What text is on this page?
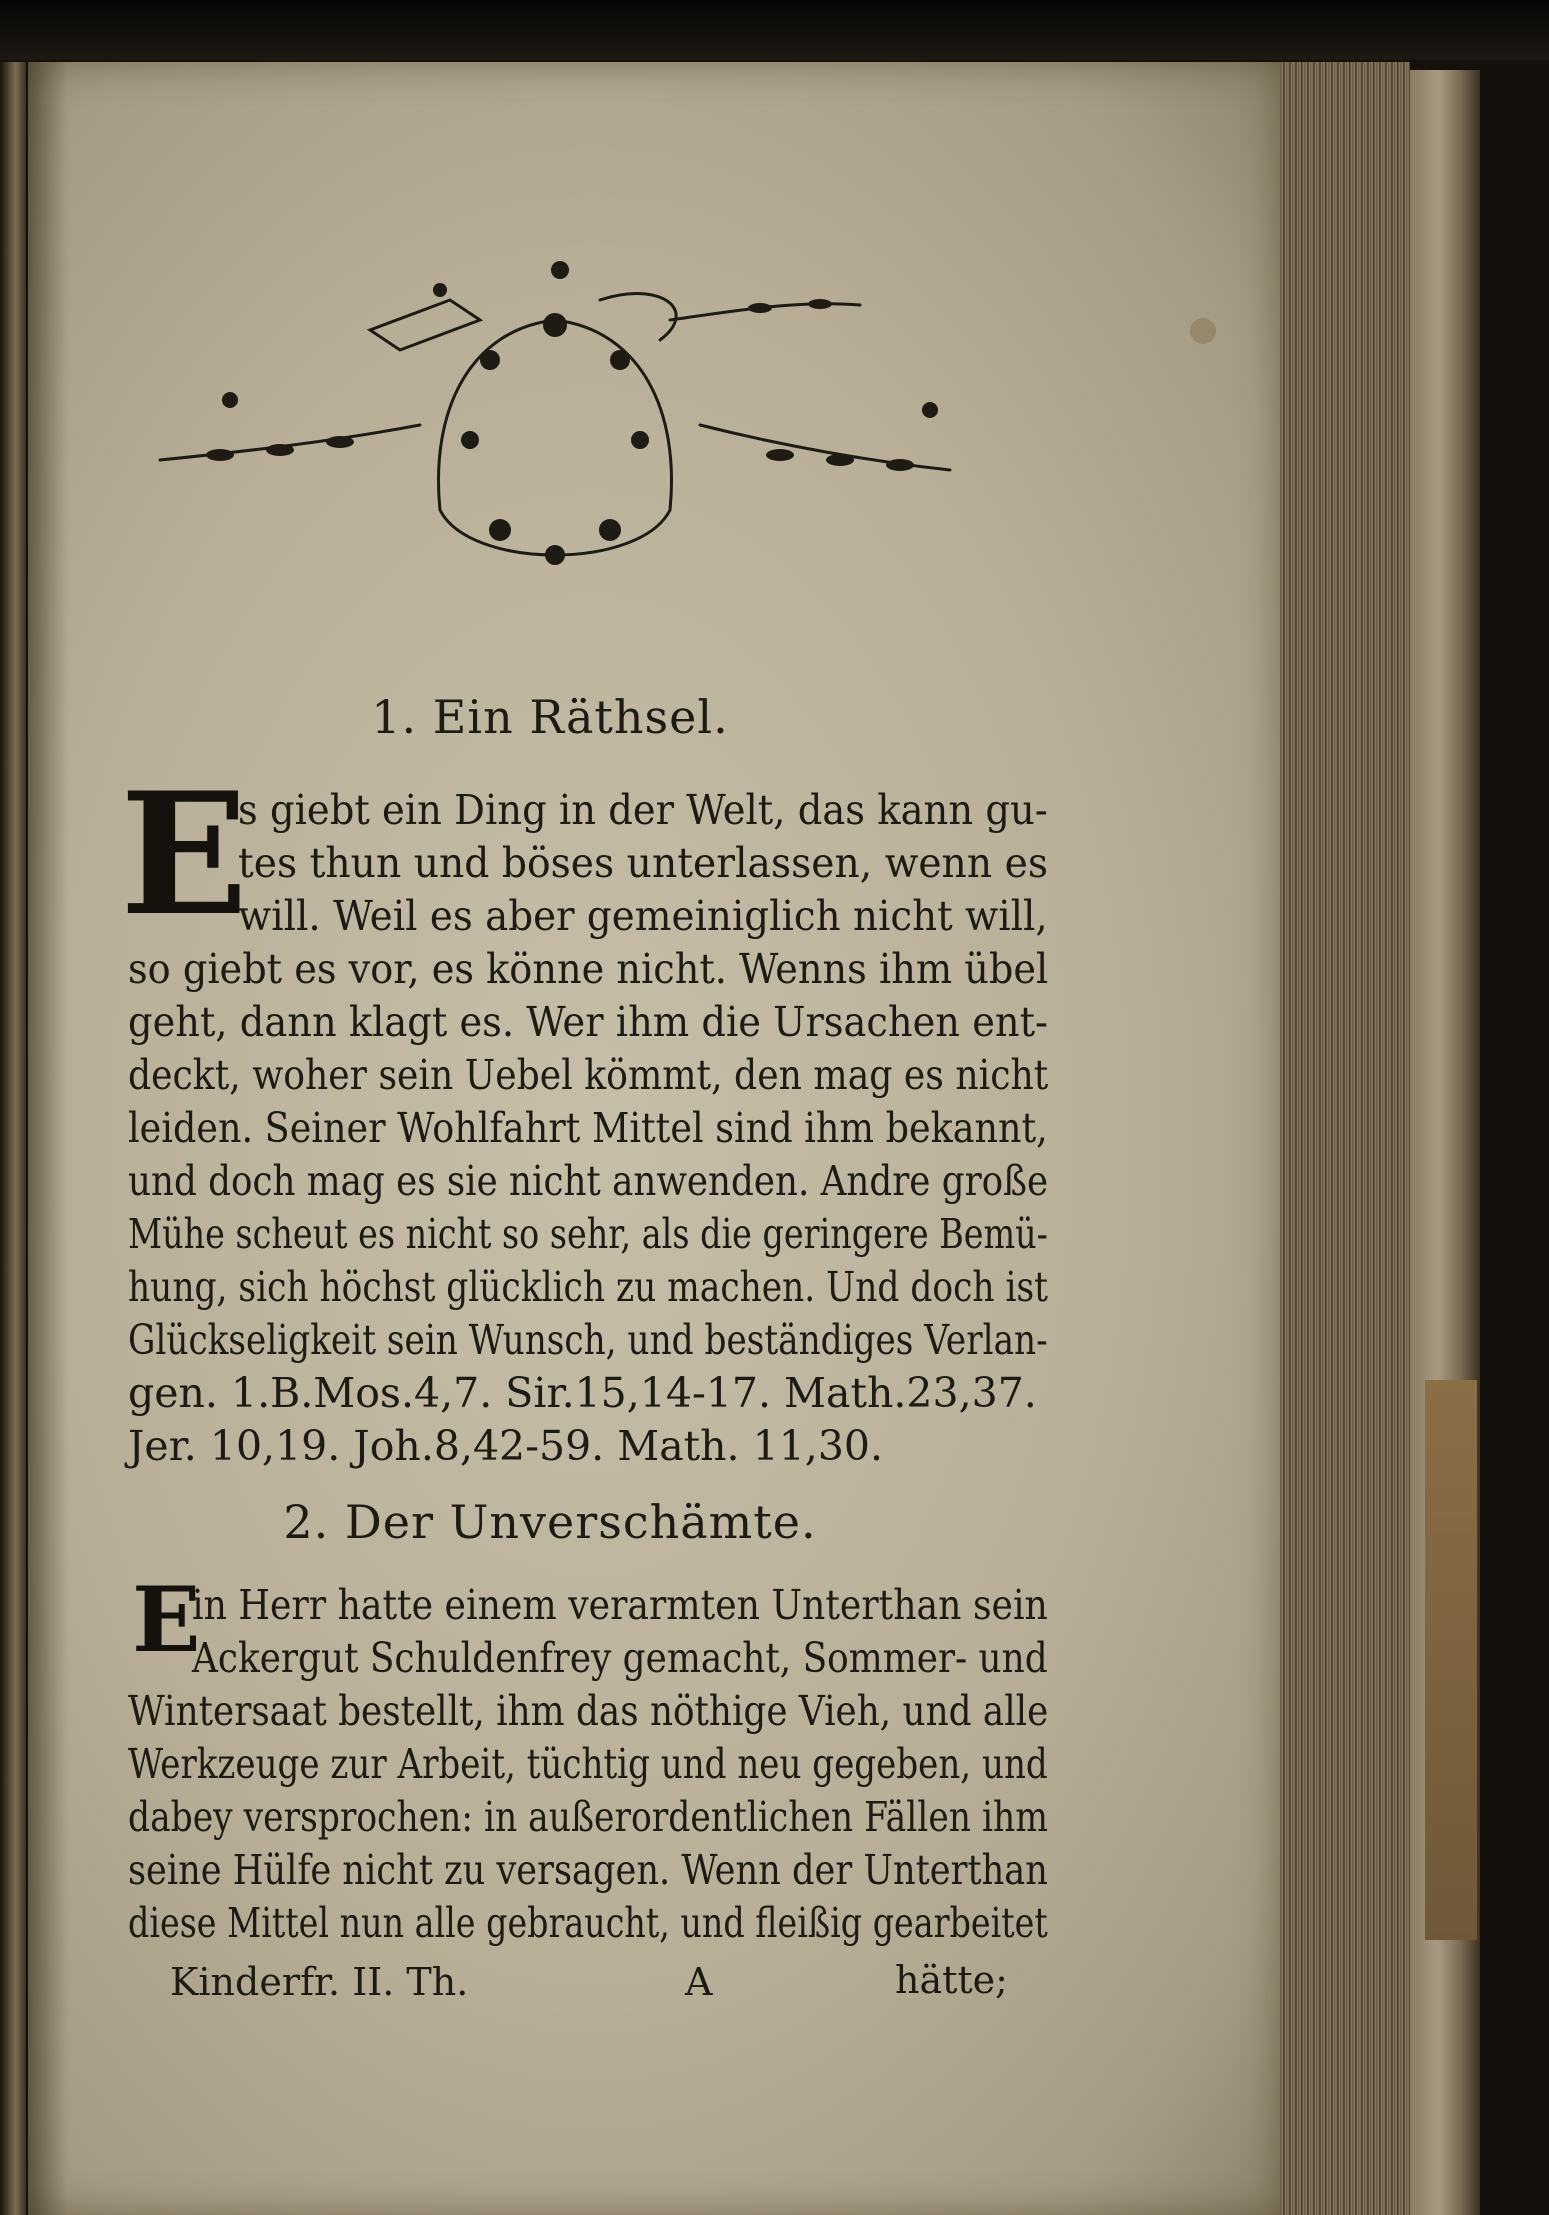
1. Ein Räthsel.
E
s giebt ein Ding in der Welt, das kann gu-
tes thun und böses unterlassen, wenn es
will. Weil es aber gemeiniglich nicht will,
so giebt es vor, es könne nicht. Wenns ihm übel
geht, dann klagt es. Wer ihm die Ursachen ent-
deckt, woher sein Uebel kömmt, den mag es nicht
leiden. Seiner Wohlfahrt Mittel sind ihm bekannt,
und doch mag es sie nicht anwenden. Andre große
Mühe scheut es nicht so sehr, als die geringere Bemü-
hung, sich höchst glücklich zu machen. Und doch ist
Glückseligkeit sein Wunsch, und beständiges Verlan-
gen. 1.B.Mos.4,7. Sir.15,14-17. Math.23,37.
Jer. 10,19. Joh.8,42-59. Math. 11,30.
2. Der Unverschämte.
E
in Herr hatte einem verarmten Unterthan sein
Ackergut Schuldenfrey gemacht, Sommer- und
Wintersaat bestellt, ihm das nöthige Vieh, und alle
Werkzeuge zur Arbeit, tüchtig und neu gegeben, und
dabey versprochen: in außerordentlichen Fällen ihm
seine Hülfe nicht zu versagen. Wenn der Unterthan
diese Mittel nun alle gebraucht, und fleißig gearbeitet
Kinderfr. II. Th.	A	hätte;
